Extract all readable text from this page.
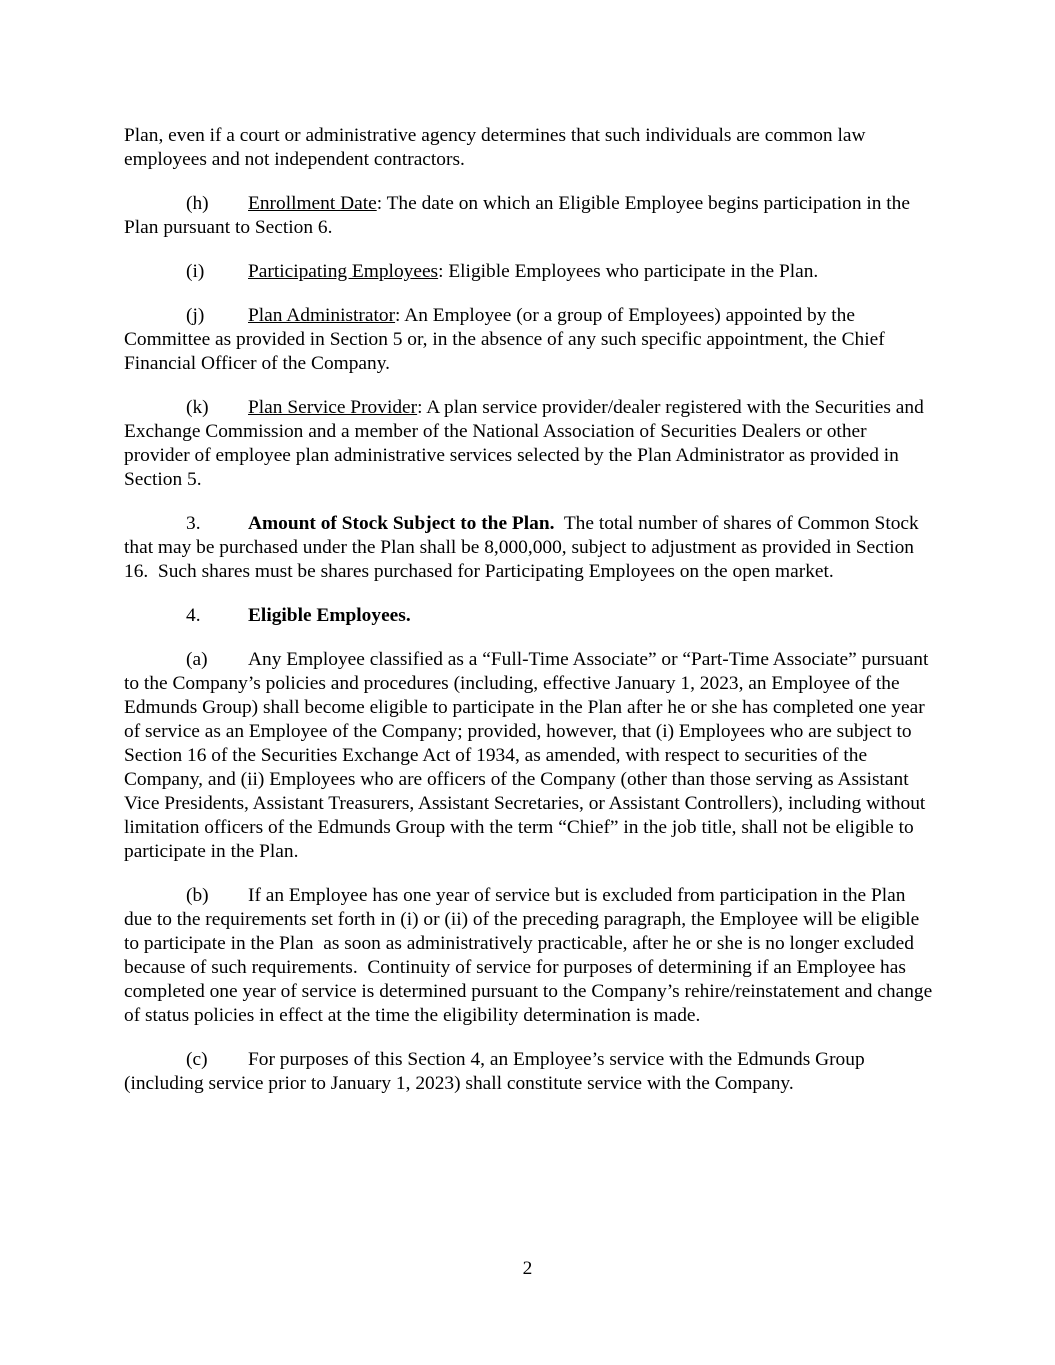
Plan, even if a court or administrative agency determines that such individuals are common law employees and not independent contractors.

(h) Enrollment Date: The date on which an Eligible Employee begins participation in the Plan pursuant to Section 6.

(i) Participating Employees: Eligible Employees who participate in the Plan.

(j) Plan Administrator: An Employee (or a group of Employees) appointed by the Committee as provided in Section 5 or, in the absence of any such specific appointment, the Chief Financial Officer of the Company.

(k) Plan Service Provider: A plan service provider/dealer registered with the Securities and Exchange Commission and a member of the National Association of Securities Dealers or other provider of employee plan administrative services selected by the Plan Administrator as provided in Section 5.

3. Amount of Stock Subject to the Plan.  The total number of shares of Common Stock that may be purchased under the Plan shall be 8,000,000, subject to adjustment as provided in Section 16.  Such shares must be shares purchased for Participating Employees on the open market.

4. Eligible Employees.

(a) Any Employee classified as a “Full-Time Associate” or “Part-Time Associate” pursuant to the Company’s policies and procedures (including, effective January 1, 2023, an Employee of the Edmunds Group) shall become eligible to participate in the Plan after he or she has completed one year of service as an Employee of the Company; provided, however, that (i) Employees who are subject to Section 16 of the Securities Exchange Act of 1934, as amended, with respect to securities of the Company, and (ii) Employees who are officers of the Company (other than those serving as Assistant Vice Presidents, Assistant Treasurers, Assistant Secretaries, or Assistant Controllers), including without limitation officers of the Edmunds Group with the term “Chief” in the job title, shall not be eligible to participate in the Plan.

(b) If an Employee has one year of service but is excluded from participation in the Plan due to the requirements set forth in (i) or (ii) of the preceding paragraph, the Employee will be eligible to participate in the Plan  as soon as administratively practicable, after he or she is no longer excluded because of such requirements.  Continuity of service for purposes of determining if an Employee has completed one year of service is determined pursuant to the Company’s rehire/reinstatement and change of status policies in effect at the time the eligibility determination is made.

(c) For purposes of this Section 4, an Employee’s service with the Edmunds Group (including service prior to January 1, 2023) shall constitute service with the Company.

2
